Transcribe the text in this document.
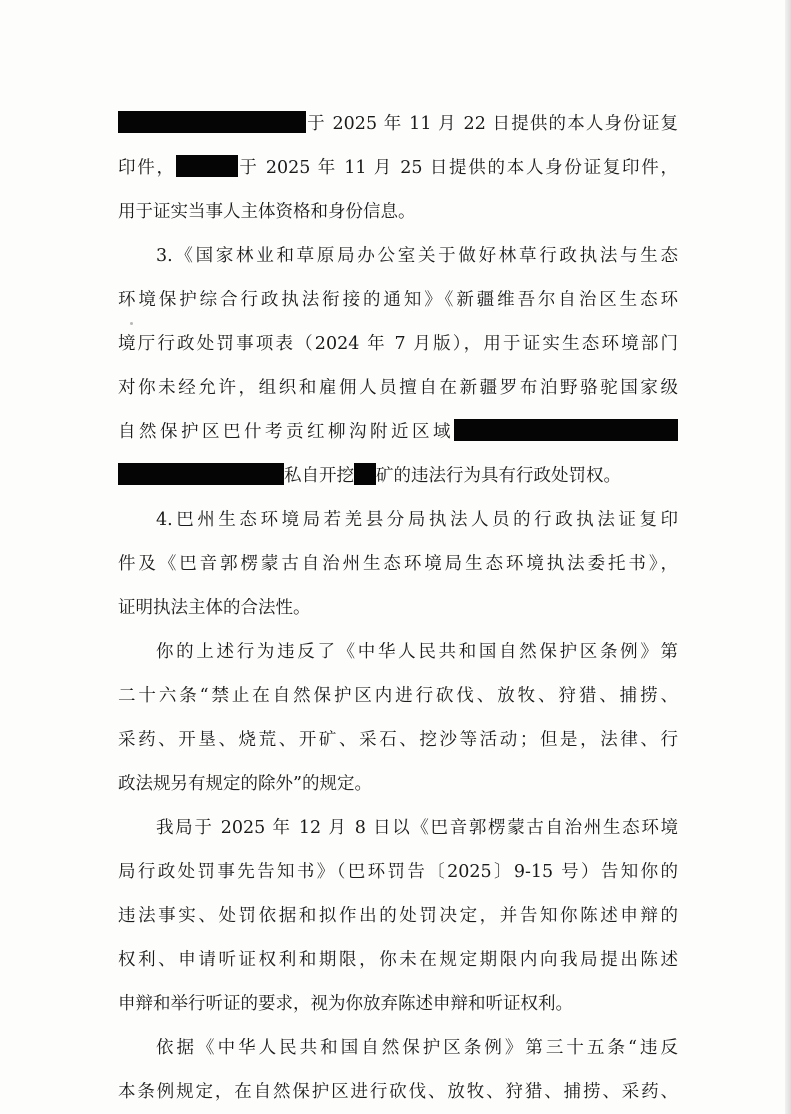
于 2025 年 11 月 22 日提供的本人身份证复
印件，	于 2025 年 11 月 25 日提供的本人身份证复印件，
用于证实当事人主体资格和身份信息。
3.《国家林业和草原局办公室关于做好林草行政执法与生态
环境保护综合行政执法衔接的通知》《新疆维吾尔自治区生态环
境厅行政处罚事项表（2024 年 7 月版），用于证实生态环境部门
对你未经允许，组织和雇佣人员擅自在新疆罗布泊野骆驼国家级
自然保护区巴什考贡红柳沟附近区域
私自开挖 矿的违法行为具有行政处罚权。
4.巴州生态环境局若羌县分局执法人员的行政执法证复印
件及《巴音郭楞蒙古自治州生态环境局生态环境执法委托书》，
证明执法主体的合法性。
你的上述行为违反了《中华人民共和国自然保护区条例》第
二十六条“禁止在自然保护区内进行砍伐、放牧、狩猎、捕捞、
采药、开垦、烧荒、开矿、采石、挖沙等活动；但是，法律、行
政法规另有规定的除外”的规定。
我局于 2025 年 12 月 8 日以《巴音郭楞蒙古自治州生态环境
局行政处罚事先告知书》（巴环罚告〔2025〕9-15 号）告知你的
违法事实、处罚依据和拟作出的处罚决定，并告知你陈述申辩的
权利、申请听证权利和期限，你未在规定期限内向我局提出陈述
申辩和举行听证的要求，视为你放弃陈述申辩和听证权利。
依据《中华人民共和国自然保护区条例》第三十五条“违反
本条例规定，在自然保护区进行砍伐、放牧、狩猎、捕捞、采药、
